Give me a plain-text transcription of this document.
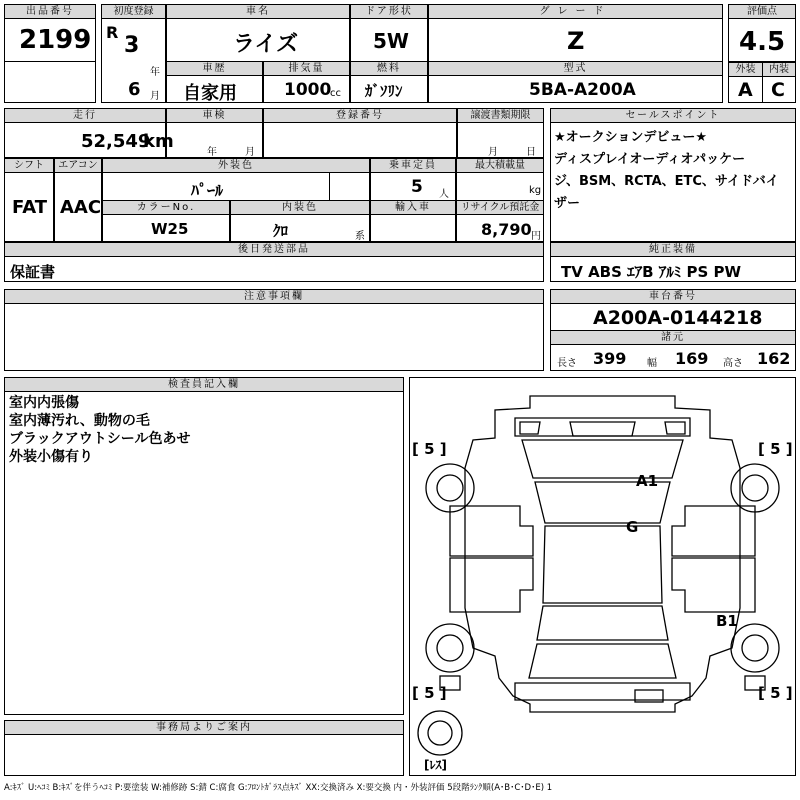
出品番号
2199
初度登録
R
3
年
6 月
車名
ライズ
ドア形状
5W
グレード
Z
評価点
4.5
外装	内装
A C
車歴
自家用
排気量
1000
cc
燃料
ｶﾞｿﾘﾝ
型式
5BA-A200A
走行
52,549
km
車検
年	月
登録番号	譲渡書類期限
月	日
セールスポイント
★オークションデビュー★
ディスプレイオーディオパッケー
ジ、BSM、RCTA、ETC、サイドバイ
ザー
シフト
FAT
エアコン
AAC
外装色
ﾊﾟｰﾙ
乗車定員
5 人
最大積載量
kg
カラーNo.
W25
内装色
ｸﾛ	系
輸入車	リサイクル預託金
8,790 円
後日発送部品
保証書
純正装備
TV ABS ｴｱB ｱﾙﾐ PS PW
注意事項欄	車台番号
A200A-0144218
諸元
長さ 399 幅 169 高さ 162
検査員記入欄
室内内張傷
室内薄汚れ、動物の毛
ブラックアウトシール色あせ
外装小傷有り
事務局よりご案内
[ 5 ]	[ 5 ]
[ 5 ]	[ 5 ]
[ﾚｽ]
A1
G
B1
A:ｷｽﾞ U:ﾍｺﾐ B:ｷｽﾞを伴うﾍｺﾐ P:要塗装 W:補修跡 S:錆 C:腐食 G:ﾌﾛﾝﾄｶﾞﾗｽ点ｷｽﾞ XX:交換済み X:要交換 内・外装評価 5段階ﾗﾝｸ順(A･B･C･D･E) 1
